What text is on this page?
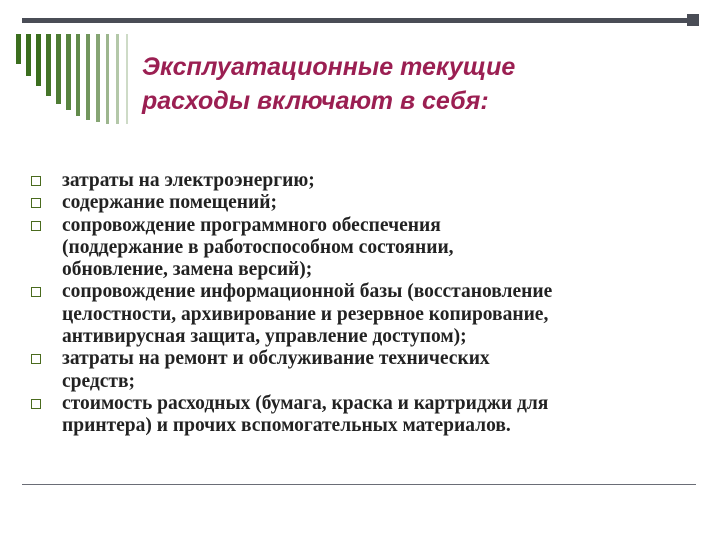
Эксплуатационные текущие
расходы включают в себя:
затраты на электроэнергию;
содержание помещений;
сопровождение программного обеспечения
(поддержание в работоспособном состоянии,
обновление, замена версий);
сопровождение информационной базы (восстановление
целостности, архивирование и резервное копирование,
антивирусная защита, управление доступом);
затраты на ремонт и обслуживание технических
средств;
стоимость расходных (бумага, краска и картриджи для
принтера) и прочих вспомогательных материалов.
